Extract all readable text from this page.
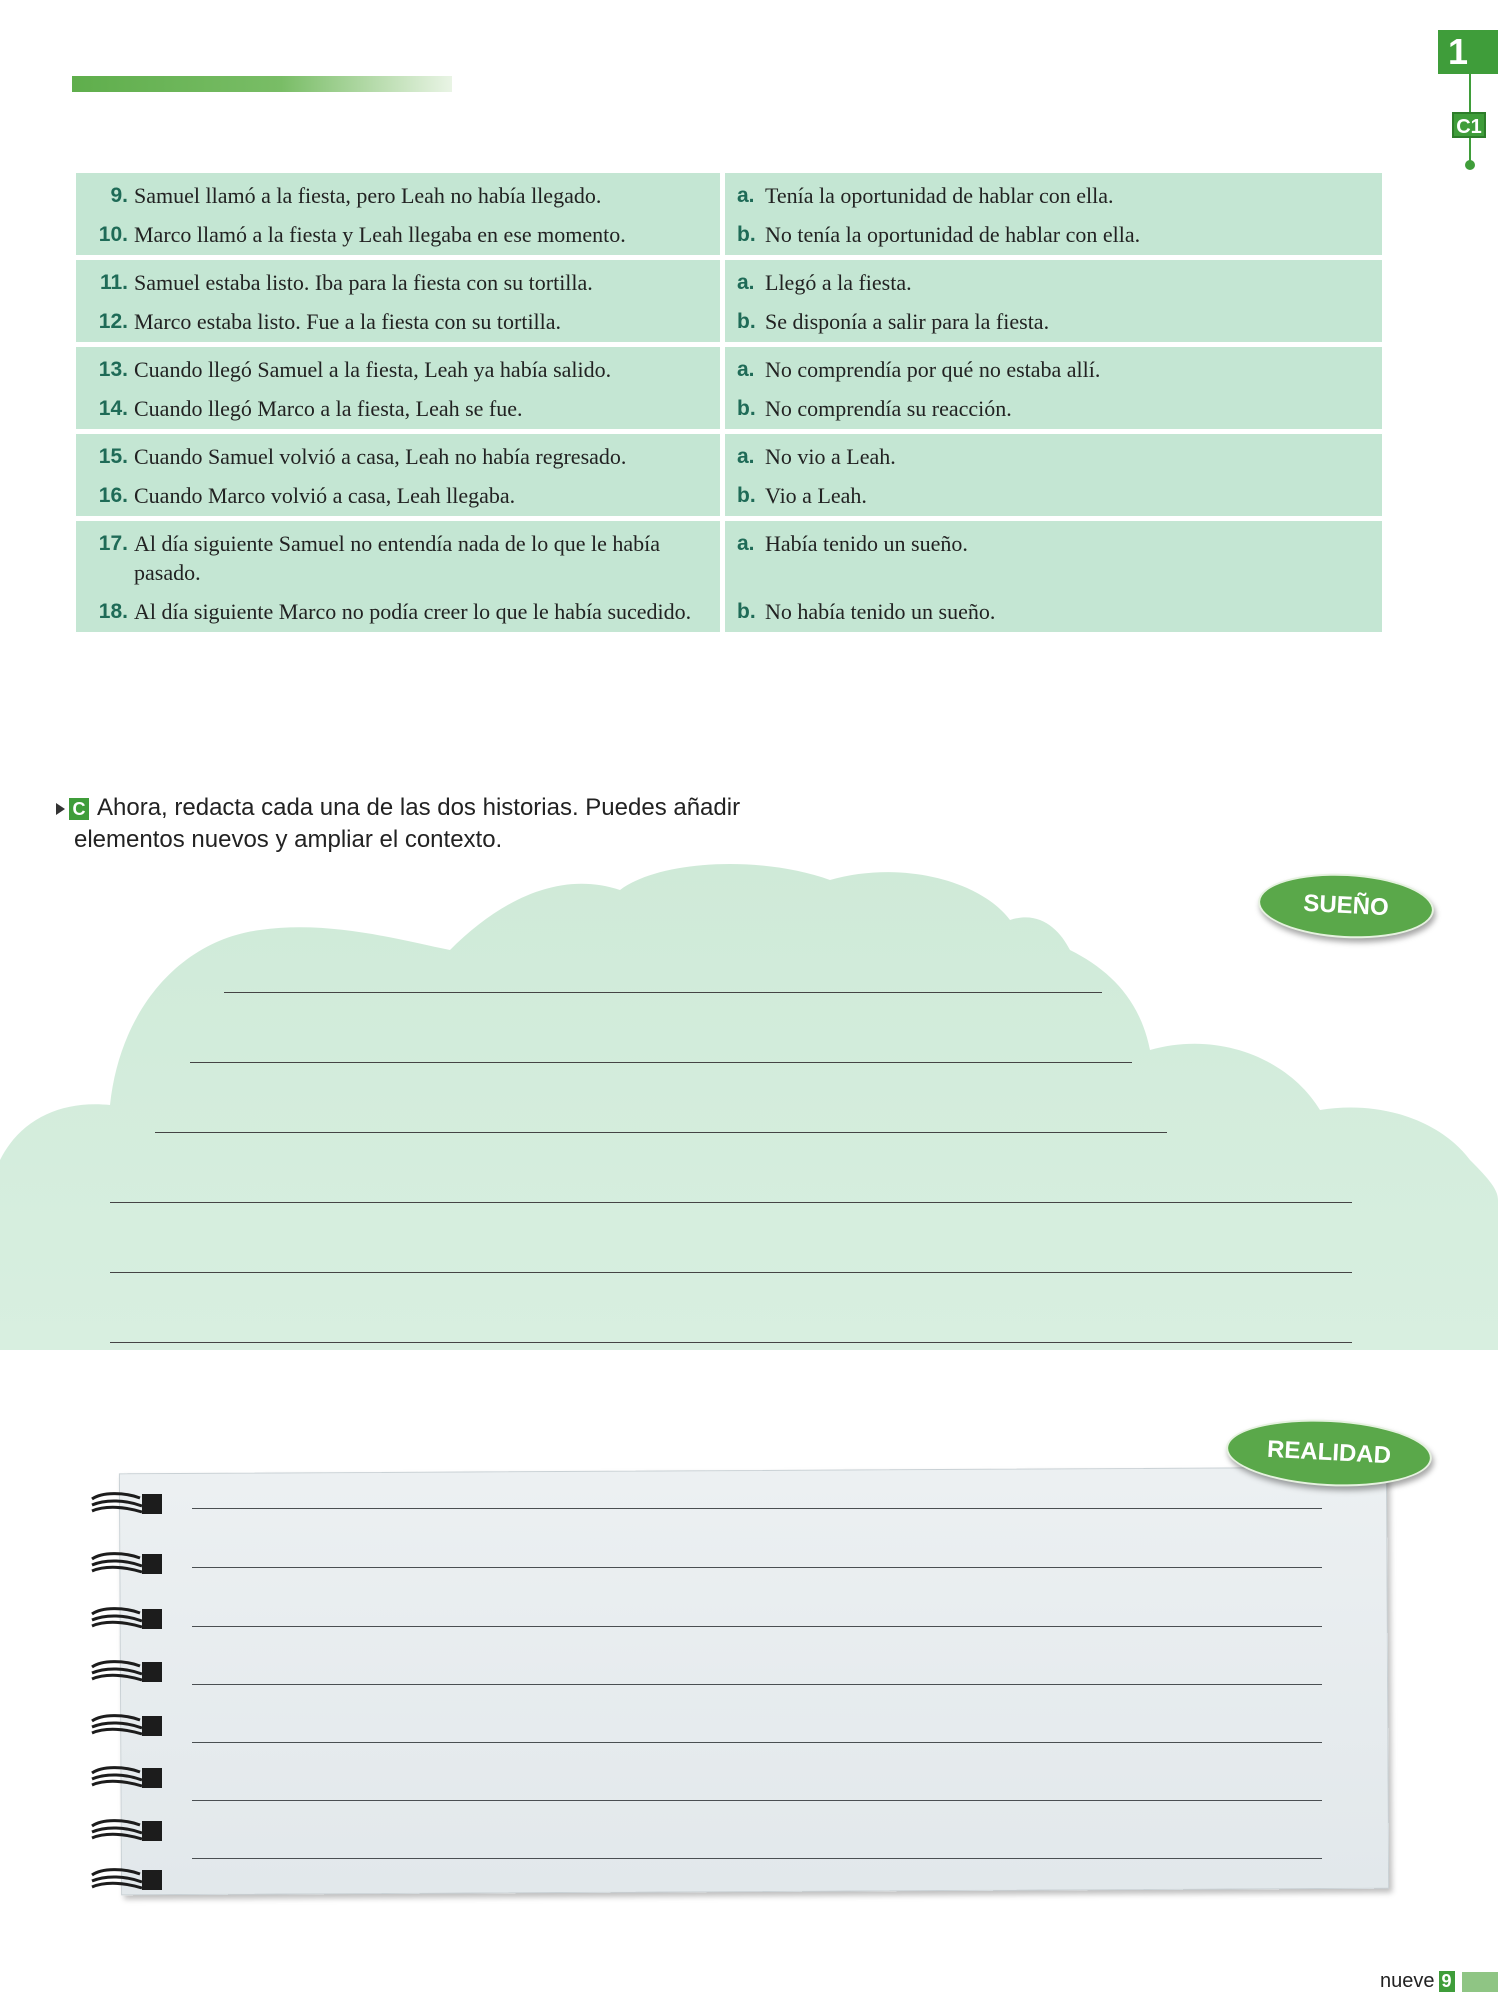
1
C1
9. Samuel llamó a la fiesta, pero Leah no había llegado.
10. Marco llamó a la fiesta y Leah llegaba en ese momento.
a. Tenía la oportunidad de hablar con ella.
b. No tenía la oportunidad de hablar con ella.
11. Samuel estaba listo. Iba para la fiesta con su tortilla.
12. Marco estaba listo. Fue a la fiesta con su tortilla.
a. Llegó a la fiesta.
b. Se disponía a salir para la fiesta.
13. Cuando llegó Samuel a la fiesta, Leah ya había salido.
14. Cuando llegó Marco a la fiesta, Leah se fue.
a. No comprendía por qué no estaba allí.
b. No comprendía su reacción.
15. Cuando Samuel volvió a casa, Leah no había regresado.
16. Cuando Marco volvió a casa, Leah llegaba.
a. No vio a Leah.
b. Vio a Leah.
17. Al día siguiente Samuel no entendía nada de lo que le había pasado.
18. Al día siguiente Marco no podía creer lo que le había sucedido.
a. Había tenido un sueño.
b. No había tenido un sueño.
C Ahora, redacta cada una de las dos historias. Puedes añadir
elementos nuevos y ampliar el contexto.
SUEÑO
REALIDAD
nueve 9
